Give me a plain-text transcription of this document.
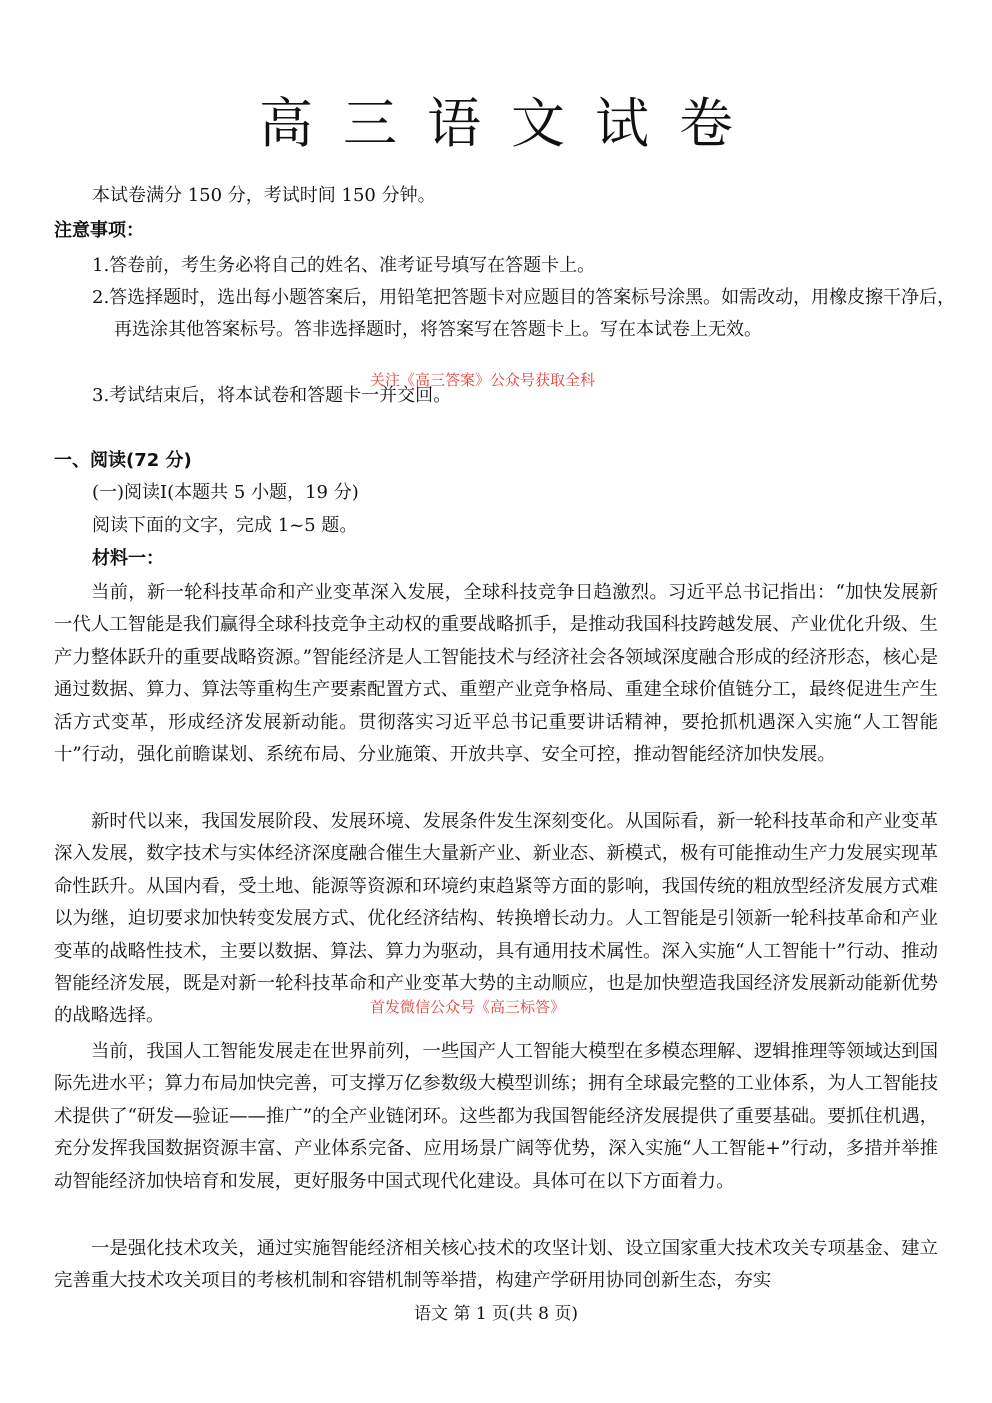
高三语文试卷
本试卷满分 150 分，考试时间 150 分钟。
注意事项：
1.答卷前，考生务必将自己的姓名、准考证号填写在答题卡上。
2.答选择题时，选出每小题答案后，用铅笔把答题卡对应题目的答案标号涂黑。如需改动，用橡皮擦干净后，再选涂其他答案标号。答非选择题时，将答案写在答题卡上。写在本试卷上无效。
3.考试结束后，将本试卷和答题卡一并交回。
关注《高三答案》公众号获取全科
一、阅读(72 分)
(一)阅读Ⅰ(本题共 5 小题，19 分)
阅读下面的文字，完成 1~5 题。
材料一：

当前，新一轮科技革命和产业变革深入发展，全球科技竞争日趋激烈。习近平总书记指出：“加快发展新一代人工智能是我们赢得全球科技竞争主动权的重要战略抓手，是推动我国科技跨越发展、产业优化升级、生产力整体跃升的重要战略资源。”智能经济是人工智能技术与经济社会各领域深度融合形成的经济形态，核心是通过数据、算力、算法等重构生产要素配置方式、重塑产业竞争格局、重建全球价值链分工，最终促进生产生活方式变革，形成经济发展新动能。贯彻落实习近平总书记重要讲话精神，要抢抓机遇深入实施“人工智能十”行动，强化前瞻谋划、系统布局、分业施策、开放共享、安全可控，推动智能经济加快发展。

新时代以来，我国发展阶段、发展环境、发展条件发生深刻变化。从国际看，新一轮科技革命和产业变革深入发展，数字技术与实体经济深度融合催生大量新产业、新业态、新模式，极有可能推动生产力发展实现革命性跃升。从国内看，受土地、能源等资源和环境约束趋紧等方面的影响，我国传统的粗放型经济发展方式难以为继，迫切要求加快转变发展方式、优化经济结构、转换增长动力。人工智能是引领新一轮科技革命和产业变革的战略性技术，主要以数据、算法、算力为驱动，具有通用技术属性。深入实施“人工智能十”行动、推动智能经济发展，既是对新一轮科技革命和产业变革大势的主动顺应，也是加快塑造我国经济发展新动能新优势的战略选择。

当前，我国人工智能发展走在世界前列，一些国产人工智能大模型在多模态理解、逻辑推理等领域达到国际先进水平；算力布局加快完善，可支撑万亿参数级大模型训练；拥有全球最完整的工业体系，为人工智能技术提供了“研发—验证——推广”的全产业链闭环。这些都为我国智能经济发展提供了重要基础。要抓住机遇，充分发挥我国数据资源丰富、产业体系完备、应用场景广阔等优势，深入实施“人工智能+”行动，多措并举推动智能经济加快培育和发展，更好服务中国式现代化建设。具体可在以下方面着力。

一是强化技术攻关，通过实施智能经济相关核心技术的攻坚计划、设立国家重大技术攻关专项基金、建立完善重大技术攻关项目的考核机制和容错机制等举措，构建产学研用协同创新生态，夯实

首发微信公众号《高三标答》
语文 第 1 页(共 8 页)
